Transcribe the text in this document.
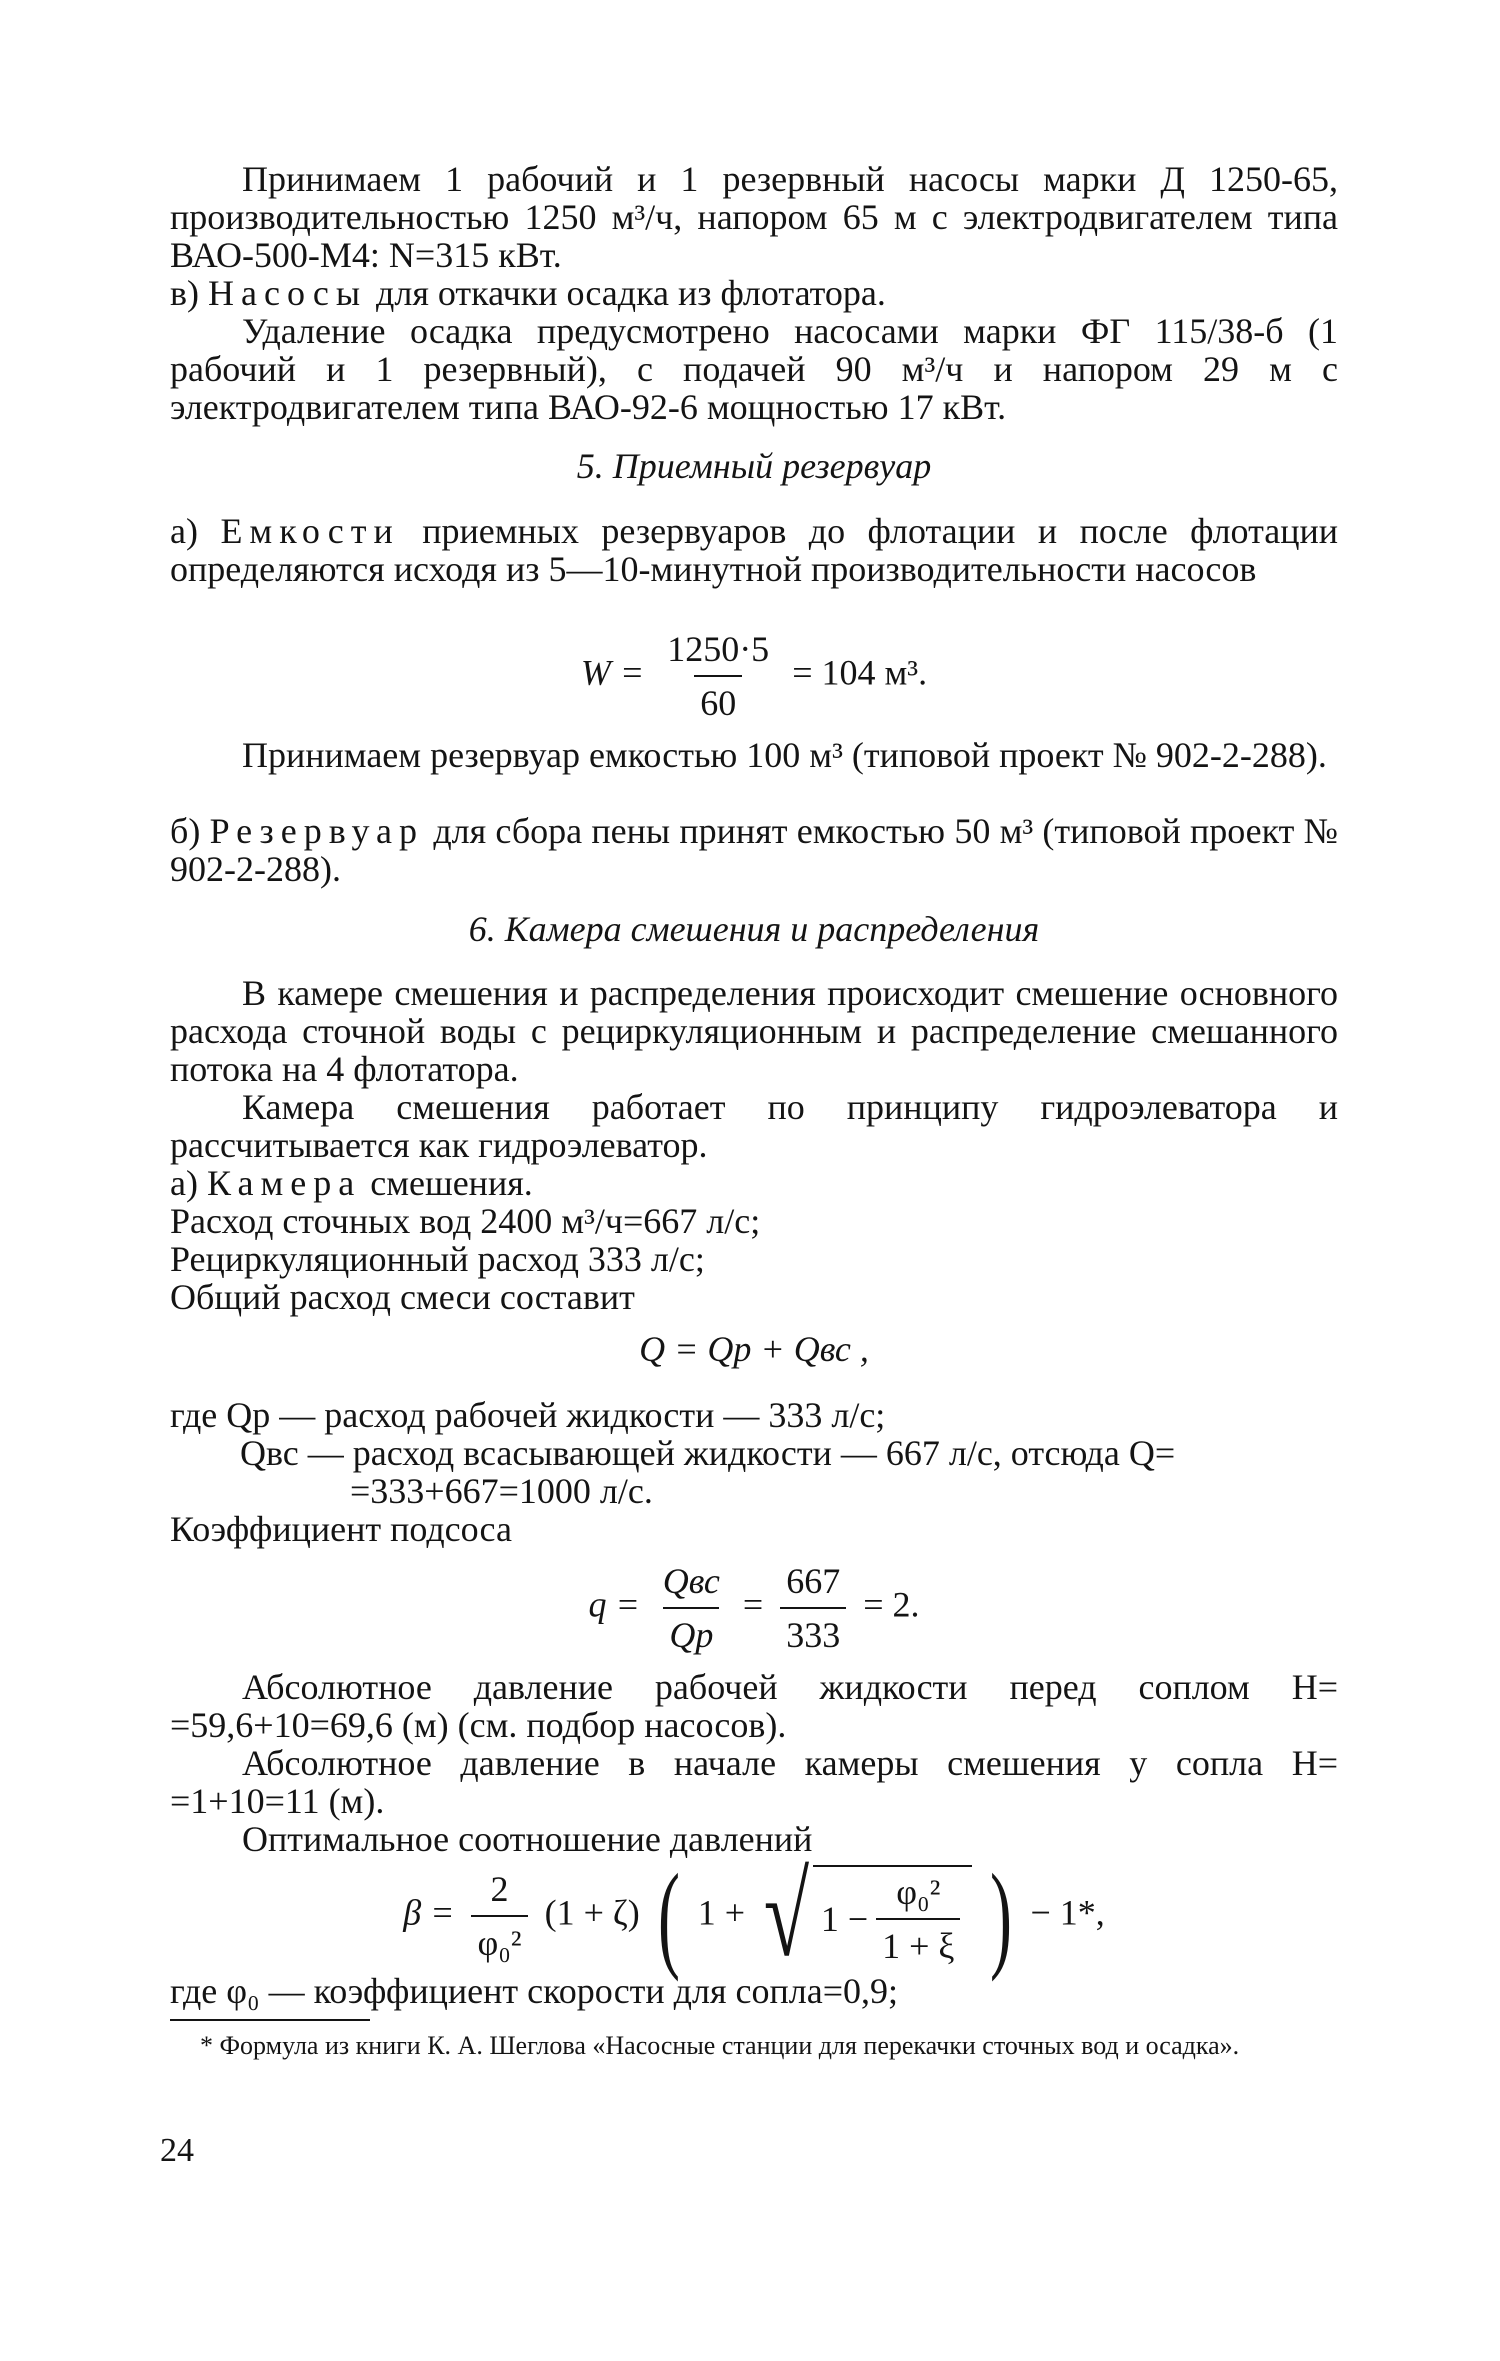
Принимаем 1 рабочий и 1 резервный насосы марки Д 1250-65, производительностью 1250 м³/ч, напором 65 м с электродвигателем типа ВАО-500-М4: N=315 кВт.
в) Насосы для откачки осадка из флотатора.
Удаление осадка предусмотрено насосами марки ФГ 115/38-б (1 рабочий и 1 резервный), с подачей 90 м³/ч и напором 29 м с электродвигателем типа ВАО-92-6 мощностью 17 кВт.
5. Приемный резервуар
а) Емкости приемных резервуаров до флотации и после флотации определяются исходя из 5—10-минутной производительности насосов
$W = \frac{1250\cdot 5}{60} = 104$ м³.
Принимаем резервуар емкостью 100 м³ (типовой проект № 902-2-288).
б) Резервуар для сбора пены принят емкостью 50 м³ (типовой проект № 902-2-288).
6. Камера смешения и распределения
В камере смешения и распределения происходит смешение основного расхода сточной воды с рециркуляционным и распределение смешанного потока на 4 флотатора.
Камера смешения работает по принципу гидроэлеватора и рассчитывается как гидроэлеватор.
а) Камера смешения.
Расход сточных вод 2400 м³/ч=667 л/с;
Рециркуляционный расход 333 л/с;
Общий расход смеси составит
Q = Qр + Qвс ,
где Qр — расход рабочей жидкости — 333 л/с;
Qвс — расход всасывающей жидкости — 667 л/с, отсюда Q=
=333+667=1000 л/с.
Коэффициент подсоса
q =
Qвс
Qр
= $\frac{667}{333} = 2$.
Абсолютное давление рабочей жидкости перед соплом H= =59,6+10=69,6 (м) (см. подбор насосов).
Абсолютное давление в начале камеры смешения у сопла H= =1+10=11 (м).
Оптимальное соотношение давлений
$\beta = \frac{2}{\text{φ₀²}} (1 + \zeta)$ ( 1 + √ $1 - \frac{\text{φ₀²}}{1 + \xi}$ ) − 1*,
где φ₀ — коэффициент скорости для сопла=0,9;
* Формула из книги К. А. Шеглова «Насосные станции для перекачки сточных вод и осадка».
24
